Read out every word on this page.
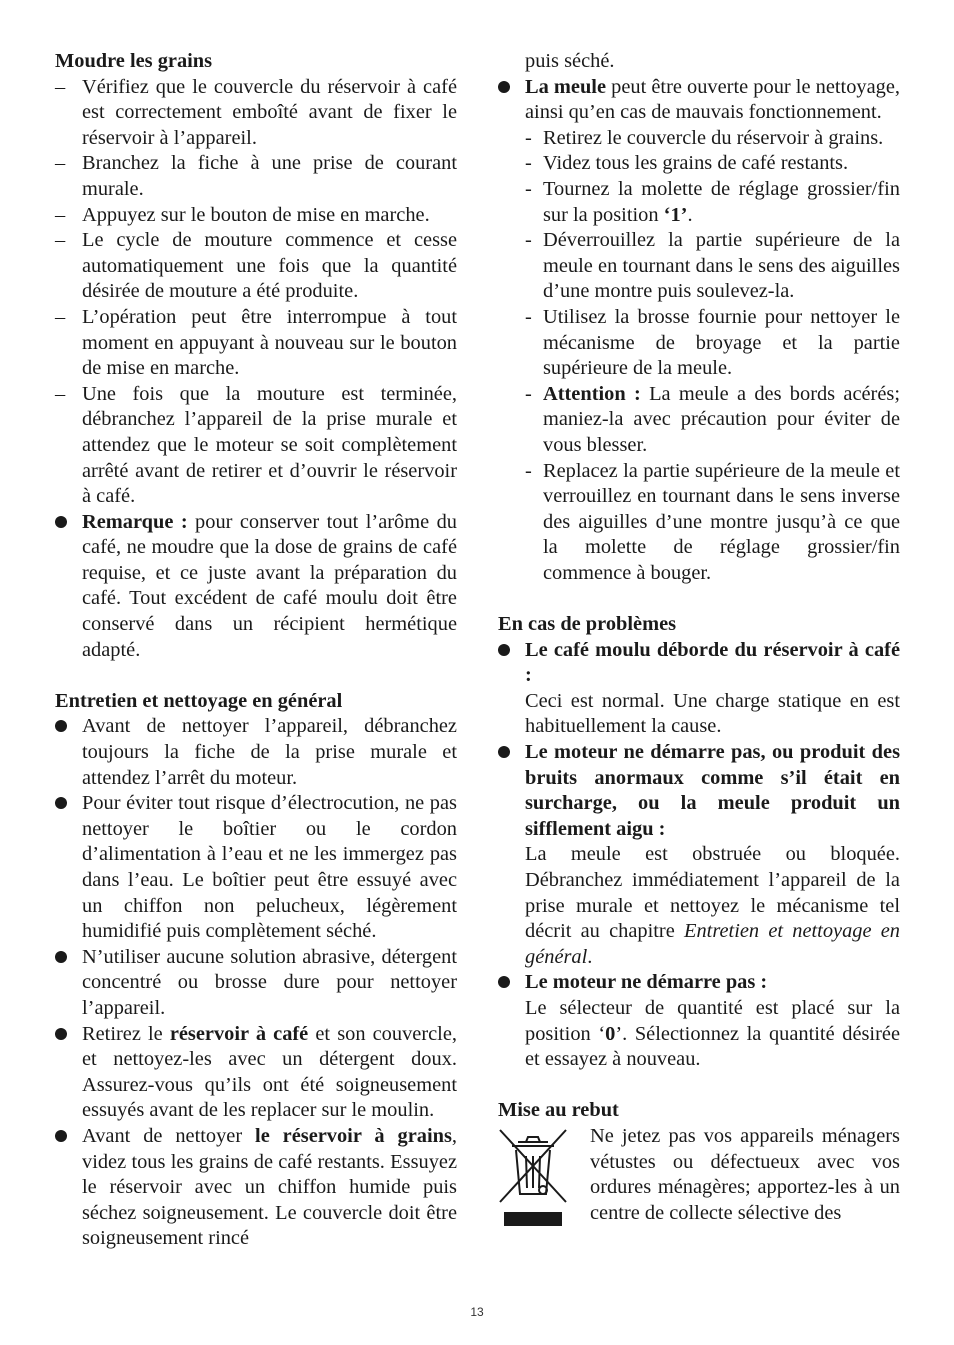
Moudre les grains

– Vérifiez que le couvercle du réservoir à café est correctement emboîté avant de fixer le réservoir à l’appareil.

– Branchez la fiche à une prise de courant murale.

– Appuyez sur le bouton de mise en marche.

– Le cycle de mouture commence et cesse automatiquement une fois que la quantité désirée de mouture a été produite.

– L’opération peut être interrompue à tout moment en appuyant à nouveau sur le bouton de mise en marche.

– Une fois que la mouture est terminée, débranchez l’appareil de la prise murale et attendez que le moteur se soit complètement arrêté avant de retirer et d’ouvrir le réservoir à café.

Remarque : pour conserver tout l’arôme du café, ne moudre que la dose de grains de café requise, et ce juste avant la préparation du café. Tout excédent de café moulu doit être conservé dans un récipient hermétique adapté.

Entretien et nettoyage en général

Avant de nettoyer l’appareil, débranchez toujours la fiche de la prise murale et attendez l’arrêt du moteur.

Pour éviter tout risque d’électrocution, ne pas nettoyer le boîtier ou le cordon d’alimentation à l’eau et ne les immergez pas dans l’eau. Le boîtier peut être essuyé avec un chiffon non pelucheux, légèrement humidifié puis complètement séché.

N’utiliser aucune solution abrasive, détergent concentré ou brosse dure pour nettoyer l’appareil.

Retirez le réservoir à café et son couvercle, et nettoyez-les avec un détergent doux. Assurez-vous qu’ils ont été soigneusement essuyés avant de les replacer sur le moulin.

Avant de nettoyer le réservoir à grains, videz tous les grains de café restants. Essuyez le réservoir avec un chiffon humide puis séchez soigneusement. Le couvercle doit être soigneusement rincé

puis séché.

La meule peut être ouverte pour le nettoyage, ainsi qu’en cas de mauvais fonctionnement.

- Retirez le couvercle du réservoir à grains.

- Videz tous les grains de café restants.

- Tournez la molette de réglage grossier/fin sur la position ‘1’.

- Déverrouillez la partie supérieure de la meule en tournant dans le sens des aiguilles d’une montre puis soulevez-la.

- Utilisez la brosse fournie pour nettoyer le mécanisme de broyage et la partie supérieure de la meule.

- Attention : La meule a des bords acérés; maniez-la avec précaution pour éviter de vous blesser.

- Replacez la partie supérieure de la meule et verrouillez en tournant dans le sens inverse des aiguilles d’une montre jusqu’à ce que la molette de réglage grossier/fin commence à bouger.

En cas de problèmes

Le café moulu déborde du réservoir à café :

Ceci est normal. Une charge statique en est habituellement la cause.

Le moteur ne démarre pas, ou produit des bruits anormaux comme s’il était en surcharge, ou la meule produit un sifflement aigu :

La meule est obstruée ou bloquée. Débranchez immédiatement l’appareil de la prise murale et nettoyez le mécanisme tel décrit au chapitre Entretien et nettoyage en général.

Le moteur ne démarre pas :

Le sélecteur de quantité est placé sur la position ‘0’. Sélectionnez la quantité désirée et essayez à nouveau.

Mise au rebut

Ne jetez pas vos appareils ménagers vétustes ou défectueux avec vos ordures ménagères; apportez-les à un centre de collecte sélective des

13
